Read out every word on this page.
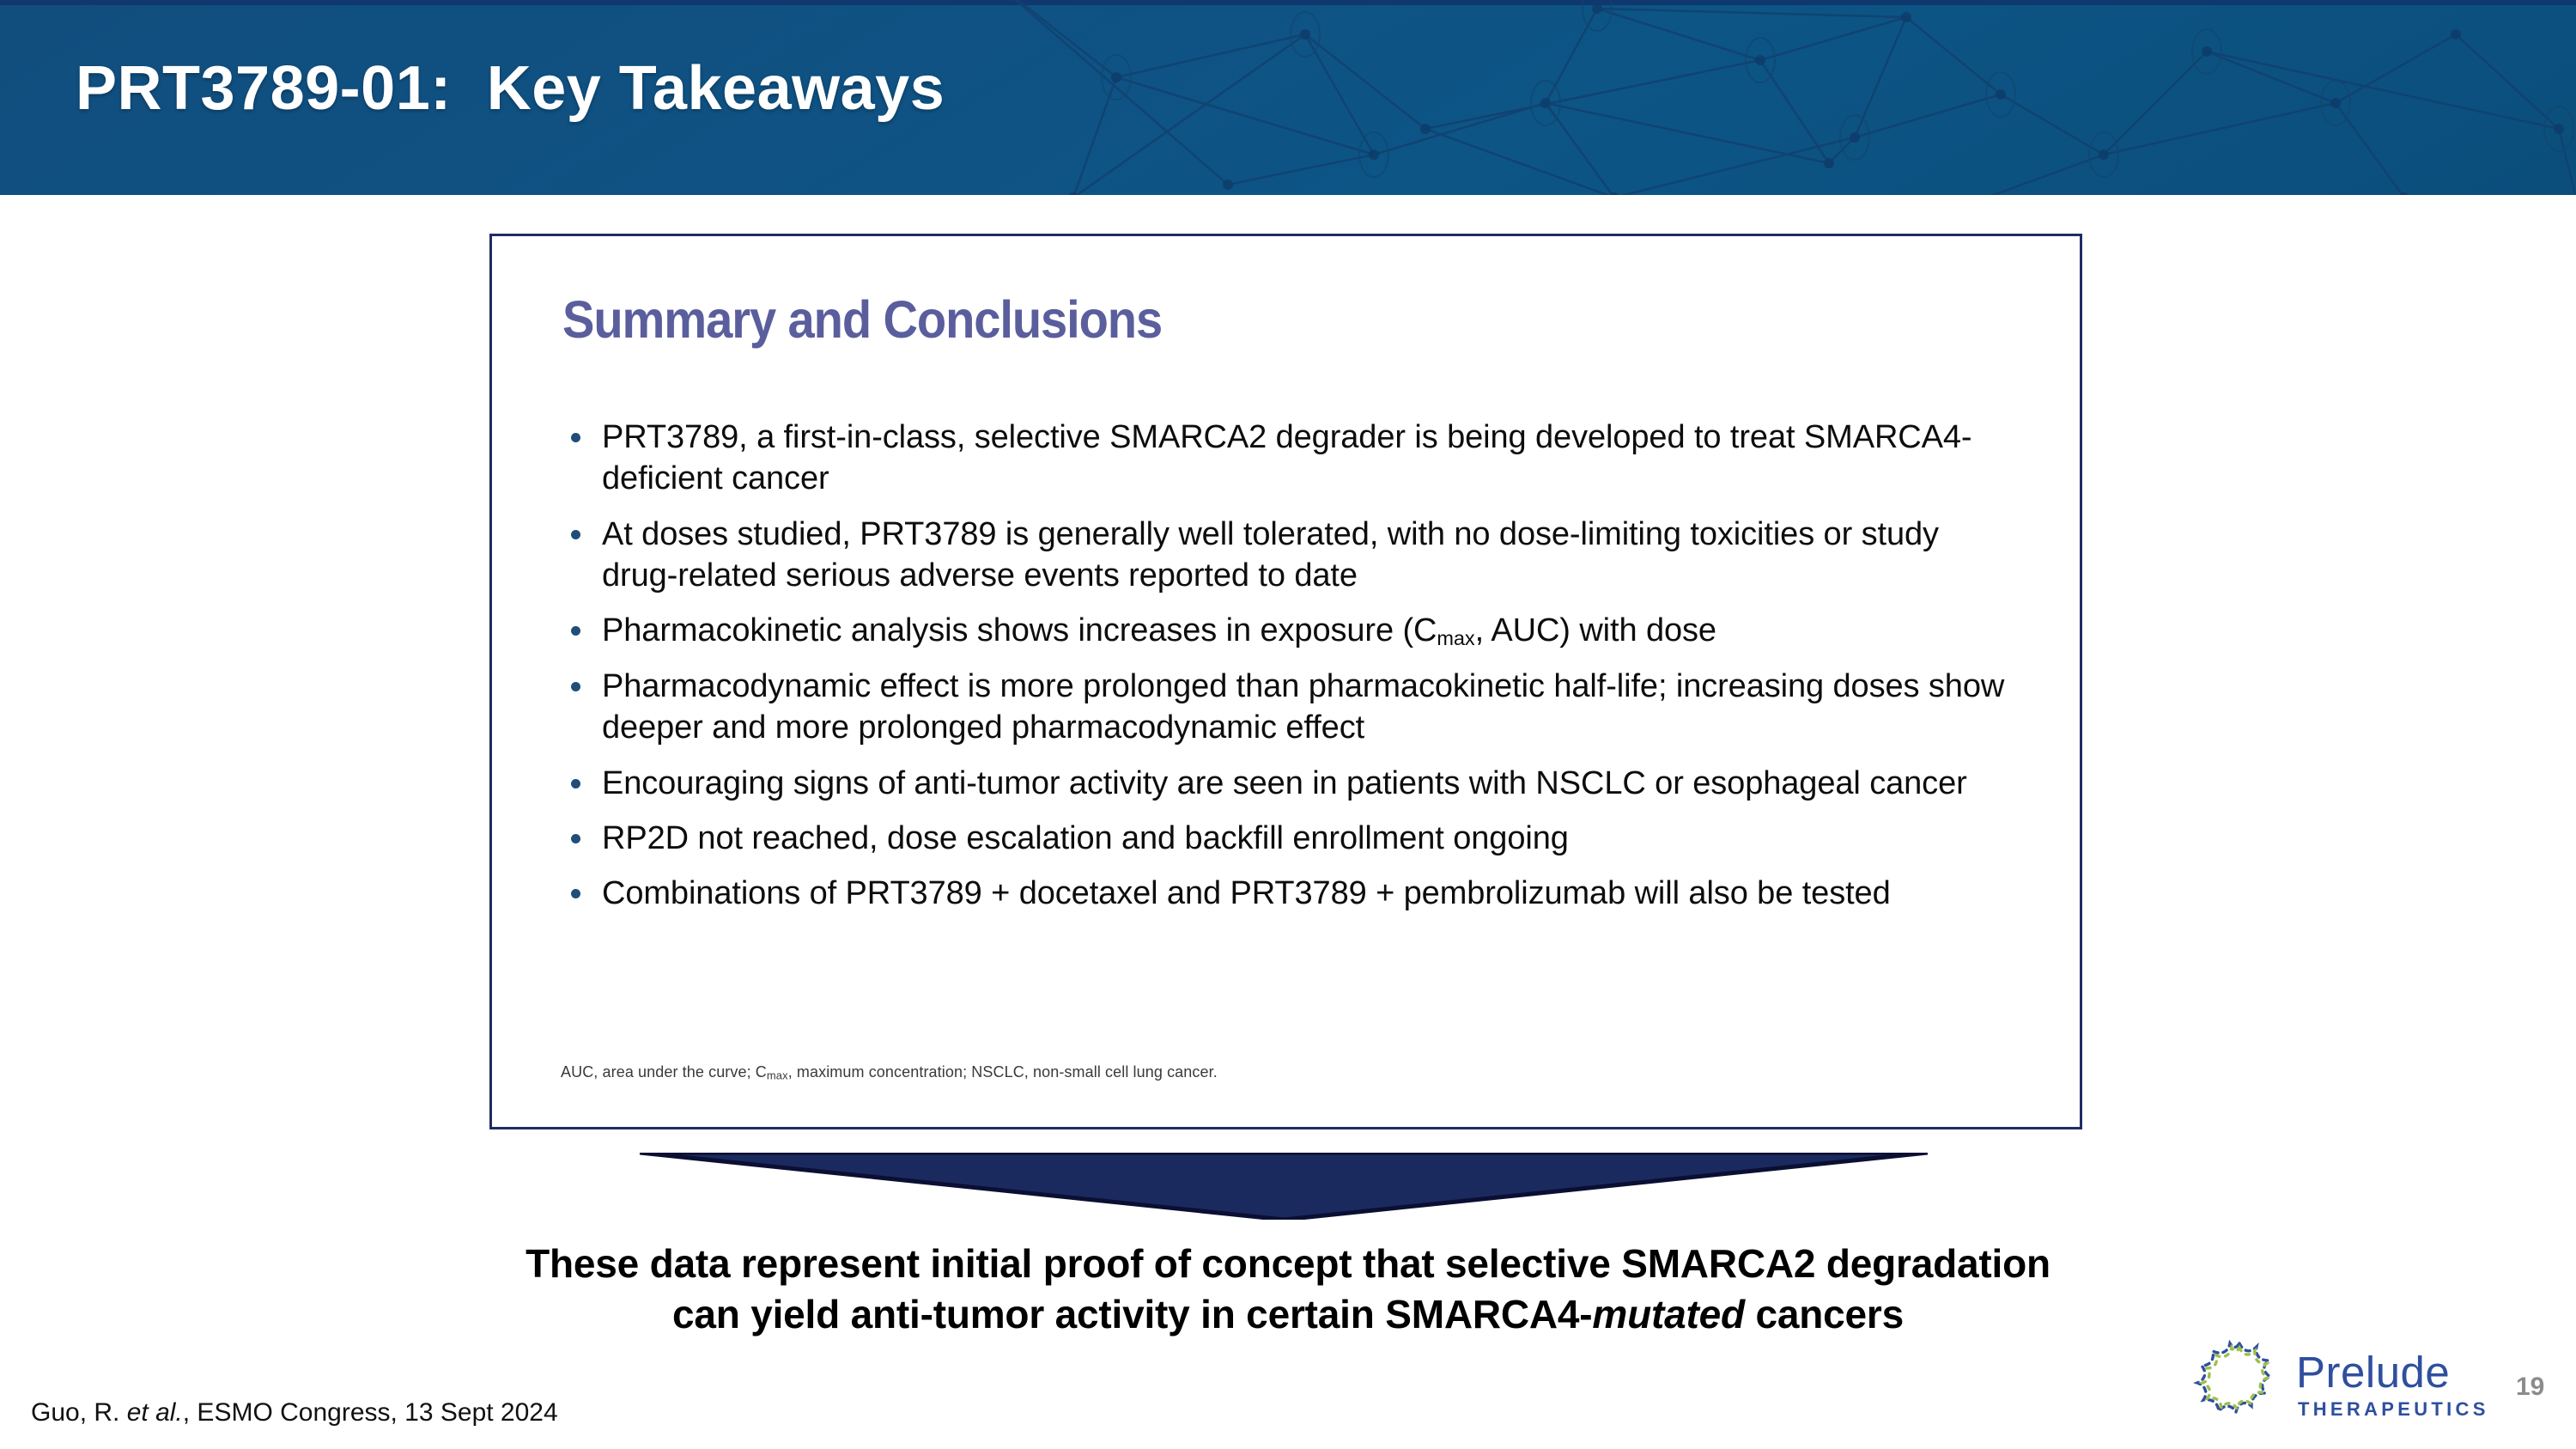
PRT3789-01:  Key Takeaways
Summary and Conclusions
PRT3789, a first-in-class, selective SMARCA2 degrader is being developed to treat SMARCA4-deficient cancer
At doses studied, PRT3789 is generally well tolerated, with no dose-limiting toxicities or study drug-related serious adverse events reported to date
Pharmacokinetic analysis shows increases in exposure ($C_{max}$, AUC) with dose
Pharmacodynamic effect is more prolonged than pharmacokinetic half-life; increasing doses show deeper and more prolonged pharmacodynamic effect
Encouraging signs of anti-tumor activity are seen in patients with NSCLC or esophageal cancer
RP2D not reached, dose escalation and backfill enrollment ongoing
Combinations of PRT3789 + docetaxel and PRT3789 + pembrolizumab will also be tested
AUC, area under the curve; $C_{max}$, maximum concentration; NSCLC, non-small cell lung cancer.
These data represent initial proof of concept that selective SMARCA2 degradation
can yield anti-tumor activity in certain SMARCA4-mutated cancers
Guo, R. et al., ESMO Congress, 13 Sept 2024
Prelude
THERAPEUTICS
19
